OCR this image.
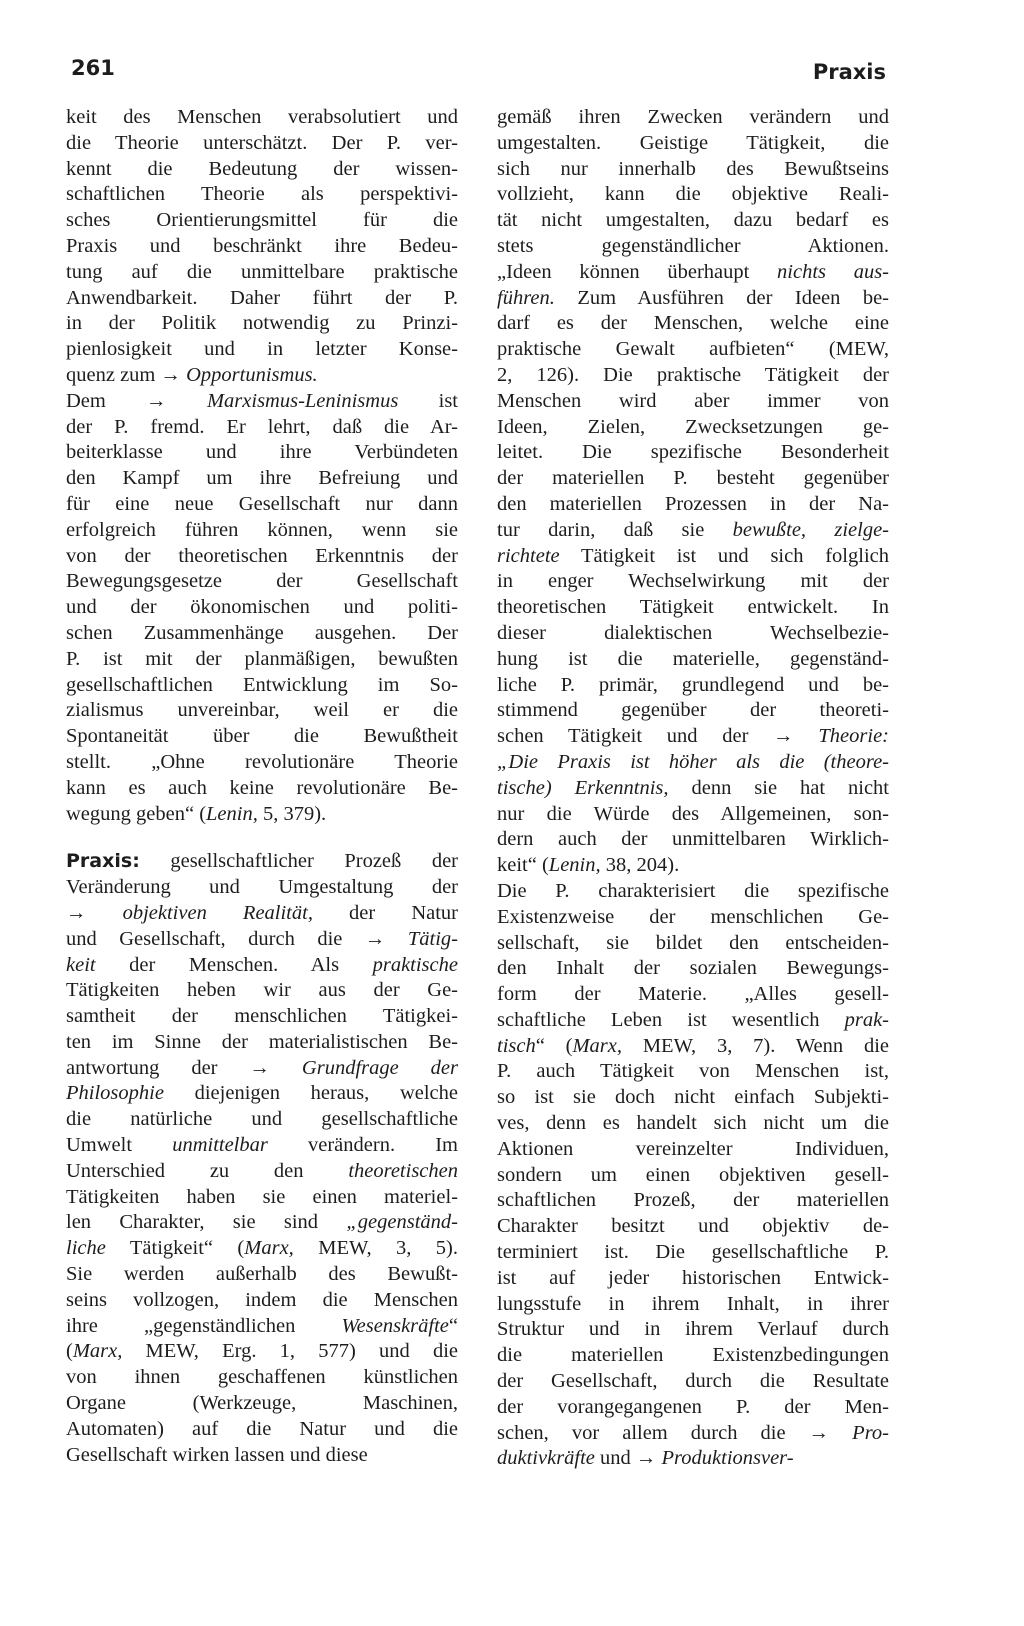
261	Praxis
keit des Menschen verabsolutiert und
die Theorie unterschätzt. Der P. ver-
kennt die Bedeutung der wissen-
schaftlichen Theorie als perspektivi-
sches Orientierungsmittel für die
Praxis und beschränkt ihre Bedeu-
tung auf die unmittelbare praktische
Anwendbarkeit. Daher führt der P.
in der Politik notwendig zu Prinzi-
pienlosigkeit und in letzter Konse-
quenz zum → Opportunismus.
Dem → Marxismus-Leninismus ist
der P. fremd. Er lehrt, daß die Ar-
beiterklasse und ihre Verbündeten
den Kampf um ihre Befreiung und
für eine neue Gesellschaft nur dann
erfolgreich führen können, wenn sie
von der theoretischen Erkenntnis der
Bewegungsgesetze der Gesellschaft
und der ökonomischen und politi-
schen Zusammenhänge ausgehen. Der
P. ist mit der planmäßigen, bewußten
gesellschaftlichen Entwicklung im So-
zialismus unvereinbar, weil er die
Spontaneität über die Bewußtheit
stellt. „Ohne revolutionäre Theorie
kann es auch keine revolutionäre Be-
wegung geben“ (Lenin, 5, 379).
Praxis: gesellschaftlicher Prozeß der
Veränderung und Umgestaltung der
→ objektiven Realität, der Natur
und Gesellschaft, durch die → Tätig-
keit der Menschen. Als praktische
Tätigkeiten heben wir aus der Ge-
samtheit der menschlichen Tätigkei-
ten im Sinne der materialistischen Be-
antwortung der → Grundfrage der
Philosophie diejenigen heraus, welche
die natürliche und gesellschaftliche
Umwelt unmittelbar verändern. Im
Unterschied zu den theoretischen
Tätigkeiten haben sie einen materiel-
len Charakter, sie sind „gegenständ-
liche Tätigkeit“ (Marx, MEW, 3, 5).
Sie werden außerhalb des Bewußt-
seins vollzogen, indem die Menschen
ihre „gegenständlichen Wesenskräfte“
(Marx, MEW, Erg. 1, 577) und die
von ihnen geschaffenen künstlichen
Organe (Werkzeuge, Maschinen,
Automaten) auf die Natur und die
Gesellschaft wirken lassen und diese
gemäß ihren Zwecken verändern und
umgestalten. Geistige Tätigkeit, die
sich nur innerhalb des Bewußtseins
vollzieht, kann die objektive Reali-
tät nicht umgestalten, dazu bedarf es
stets gegenständlicher Aktionen.
„Ideen können überhaupt nichts aus-
führen. Zum Ausführen der Ideen be-
darf es der Menschen, welche eine
praktische Gewalt aufbieten“ (MEW,
2, 126). Die praktische Tätigkeit der
Menschen wird aber immer von
Ideen, Zielen, Zwecksetzungen ge-
leitet. Die spezifische Besonderheit
der materiellen P. besteht gegenüber
den materiellen Prozessen in der Na-
tur darin, daß sie bewußte, zielge-
richtete Tätigkeit ist und sich folglich
in enger Wechselwirkung mit der
theoretischen Tätigkeit entwickelt. In
dieser dialektischen Wechselbezie-
hung ist die materielle, gegenständ-
liche P. primär, grundlegend und be-
stimmend gegenüber der theoreti-
schen Tätigkeit und der → Theorie:
„Die Praxis ist höher als die (theore-
tische) Erkenntnis, denn sie hat nicht
nur die Würde des Allgemeinen, son-
dern auch der unmittelbaren Wirklich-
keit“ (Lenin, 38, 204).
Die P. charakterisiert die spezifische
Existenzweise der menschlichen Ge-
sellschaft, sie bildet den entscheiden-
den Inhalt der sozialen Bewegungs-
form der Materie. „Alles gesell-
schaftliche Leben ist wesentlich prak-
tisch“ (Marx, MEW, 3, 7). Wenn die
P. auch Tätigkeit von Menschen ist,
so ist sie doch nicht einfach Subjekti-
ves, denn es handelt sich nicht um die
Aktionen vereinzelter Individuen,
sondern um einen objektiven gesell-
schaftlichen Prozeß, der materiellen
Charakter besitzt und objektiv de-
terminiert ist. Die gesellschaftliche P.
ist auf jeder historischen Entwick-
lungsstufe in ihrem Inhalt, in ihrer
Struktur und in ihrem Verlauf durch
die materiellen Existenzbedingungen
der Gesellschaft, durch die Resultate
der vorangegangenen P. der Men-
schen, vor allem durch die → Pro-
duktivkräfte und → Produktionsver-
